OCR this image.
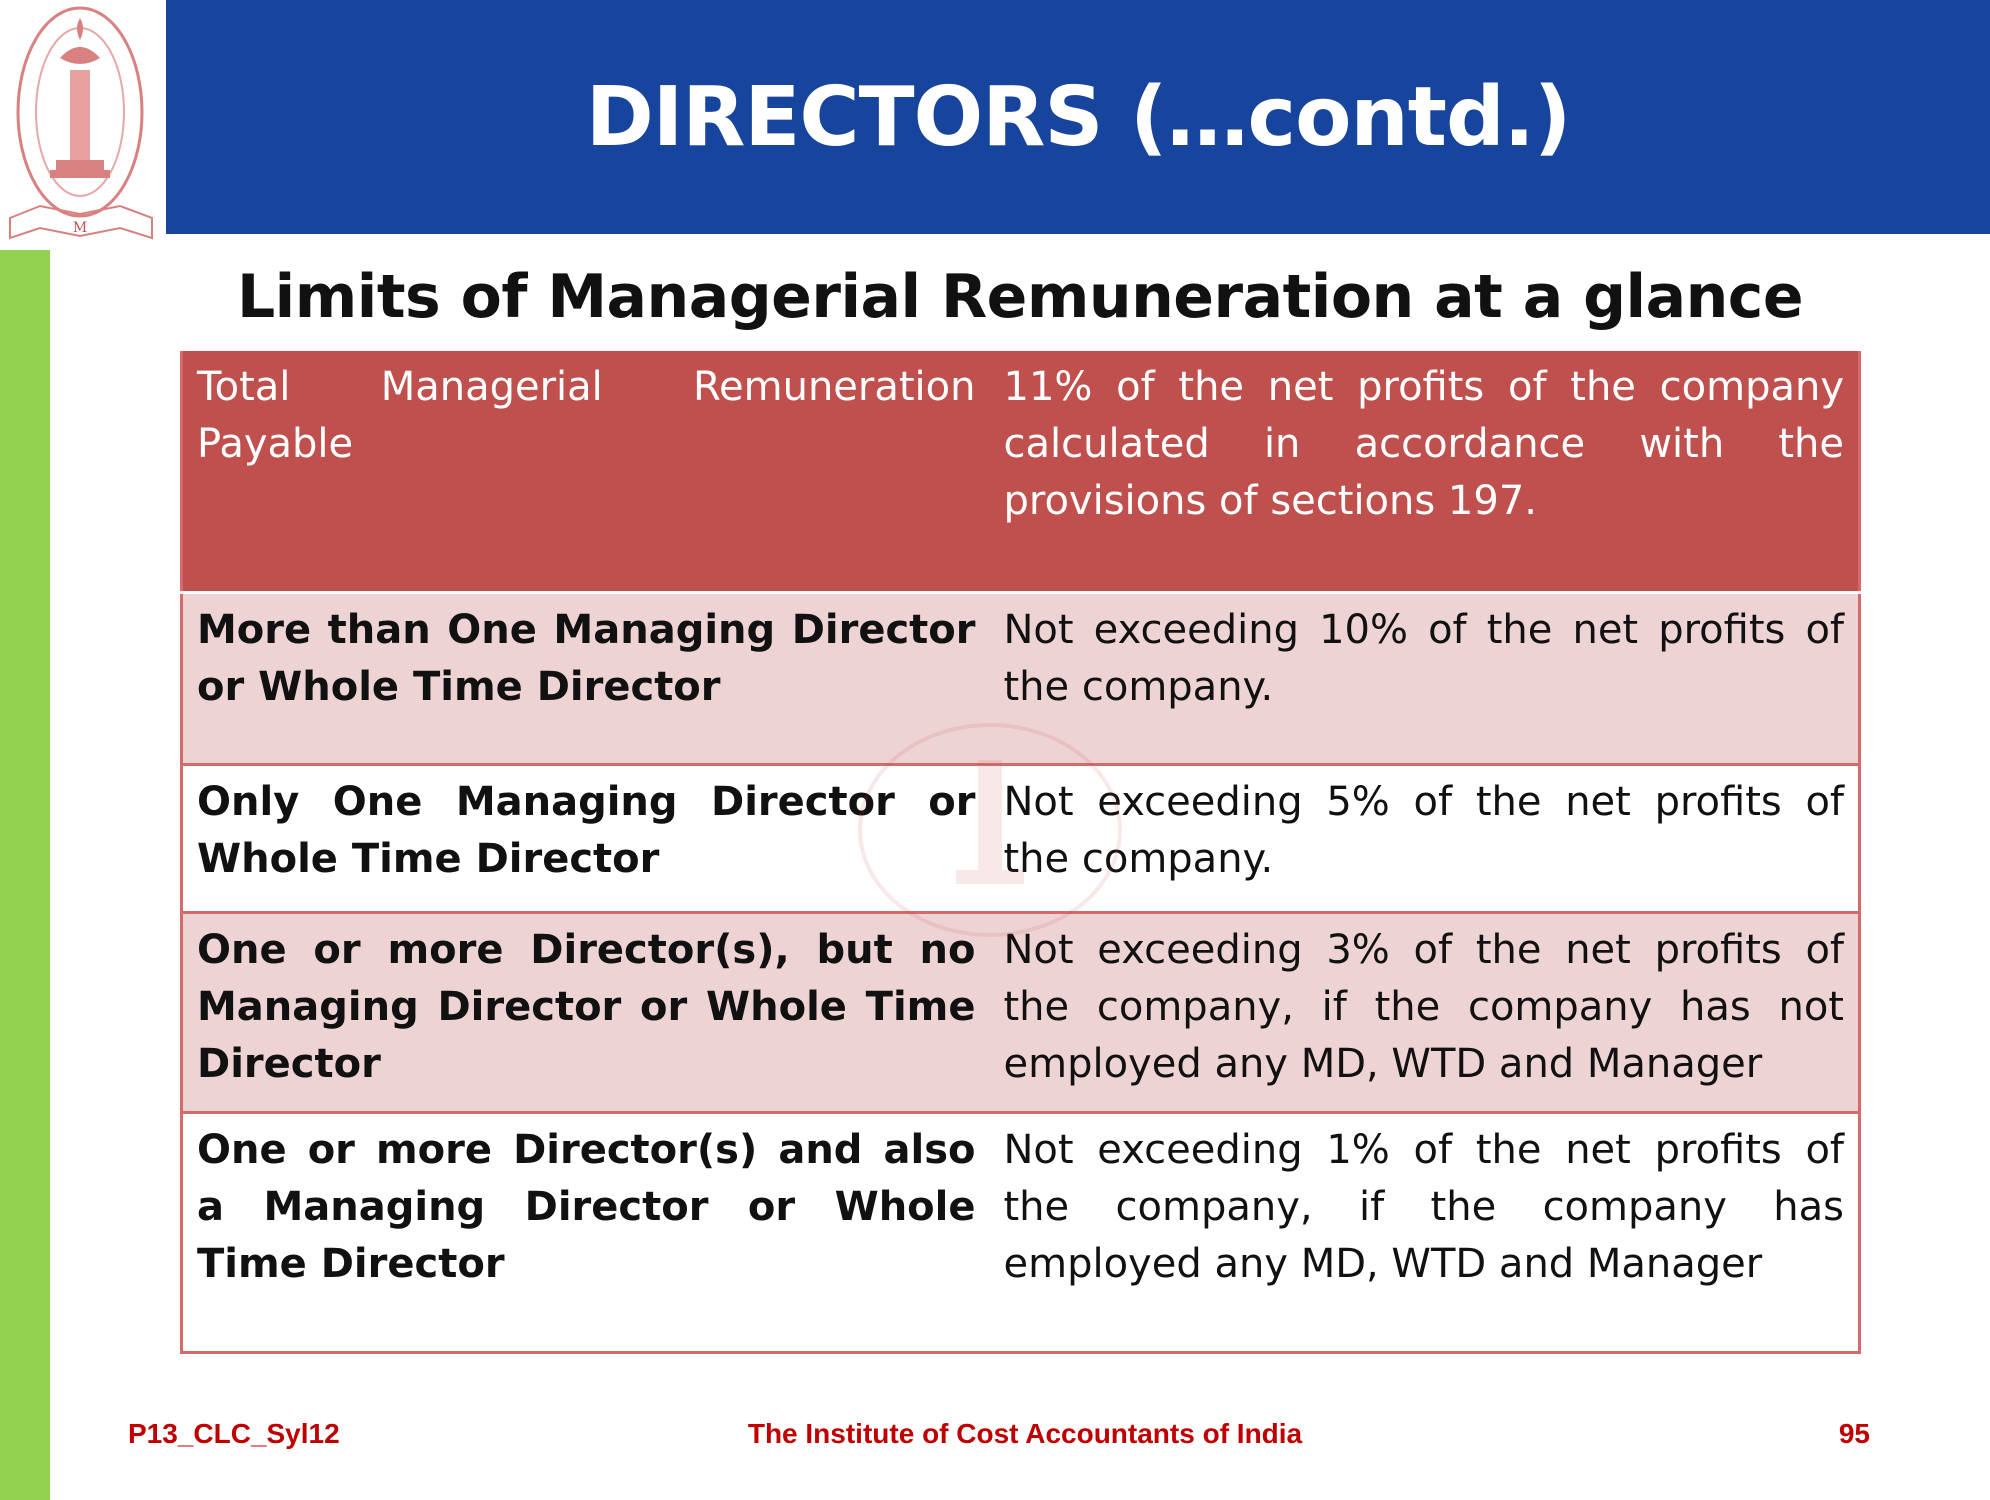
M
DIRECTORS (…contd.)
Limits of Managerial Remuneration at a glance
Total Managerial Remuneration Payable	11% of the net profits of the company calculated in accordance with the provisions of sections 197.
More than One Managing Director or Whole Time Director	Not exceeding 10% of the net profits of the company.
Only One Managing Director or Whole Time Director	Not exceeding 5% of the net profits of the company.
One or more Director(s), but no Managing Director or Whole Time Director	Not exceeding 3% of the net profits of the company, if the company has not employed any MD, WTD and Manager
One or more Director(s) and also a Managing Director or Whole Time Director	Not exceeding 1% of the net profits of the company, if the company has employed any MD, WTD and Manager
P13_CLC_Syl12	The Institute of Cost Accountants of India	95
